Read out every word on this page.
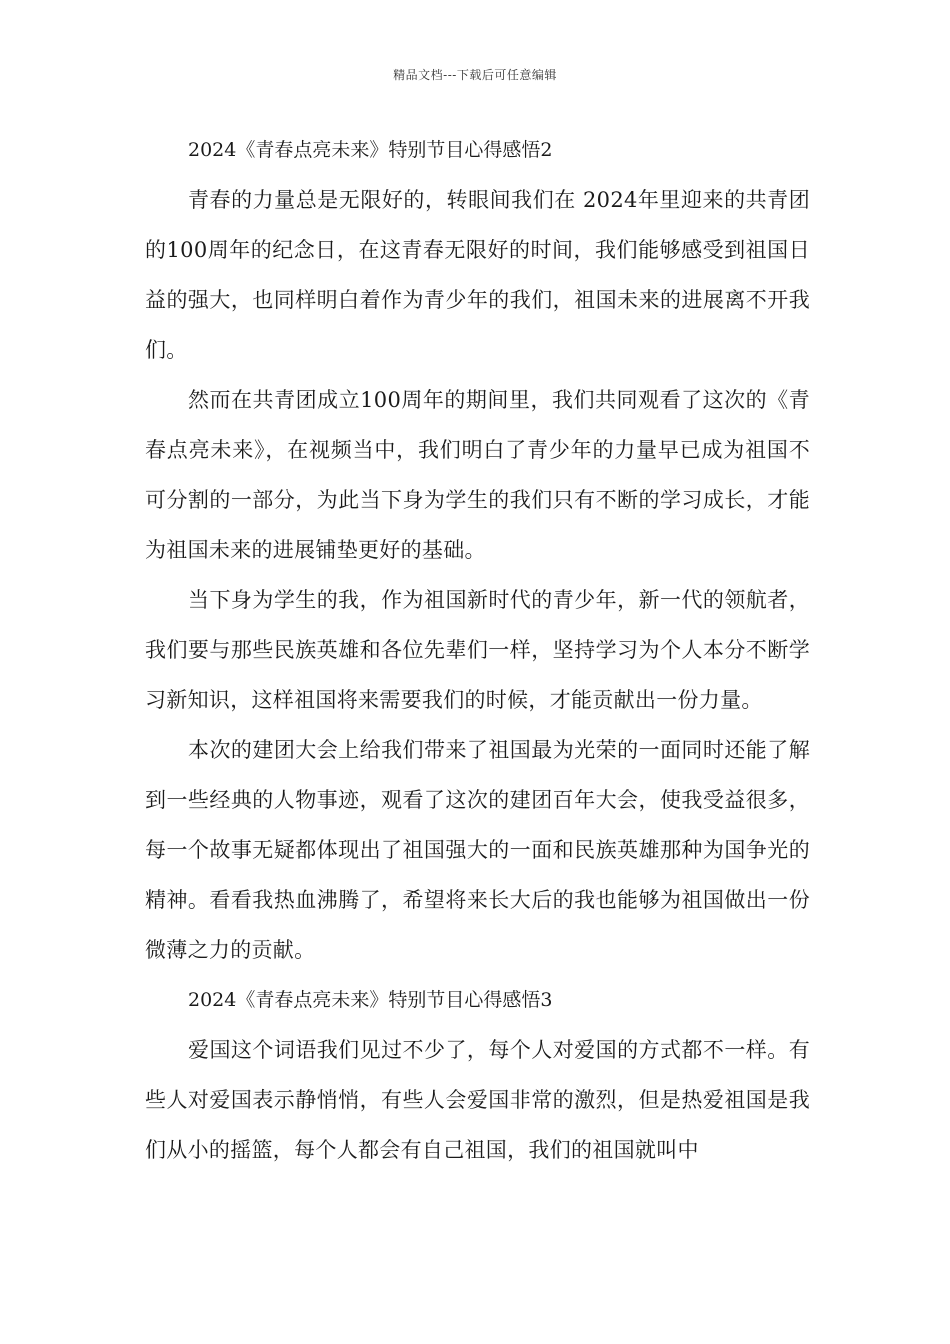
精品文档---下载后可任意编辑
2024《青春点亮未来》特别节目心得感悟2

青春的力量总是无限好的，转眼间我们在 2024年里迎来的共青团的100周年的纪念日，在这青春无限好的时间，我们能够感受到祖国日益的强大，也同样明白着作为青少年的我们，祖国未来的进展离不开我们。

然而在共青团成立100周年的期间里，我们共同观看了这次的《青春点亮未来》，在视频当中，我们明白了青少年的力量早已成为祖国不可分割的一部分，为此当下身为学生的我们只有不断的学习成长，才能为祖国未来的进展铺垫更好的基础。

当下身为学生的我，作为祖国新时代的青少年，新一代的领航者，我们要与那些民族英雄和各位先辈们一样，坚持学习为个人本分不断学习新知识，这样祖国将来需要我们的时候，才能贡献出一份力量。

本次的建团大会上给我们带来了祖国最为光荣的一面同时还能了解到一些经典的人物事迹，观看了这次的建团百年大会，使我受益很多，每一个故事无疑都体现出了祖国强大的一面和民族英雄那种为国争光的精神。看看我热血沸腾了，希望将来长大后的我也能够为祖国做出一份微薄之力的贡献。

2024《青春点亮未来》特别节目心得感悟3

爱国这个词语我们见过不少了，每个人对爱国的方式都不一样。有些人对爱国表示静悄悄，有些人会爱国非常的激烈，但是热爱祖国是我们从小的摇篮，每个人都会有自己祖国，我们的祖国就叫中
